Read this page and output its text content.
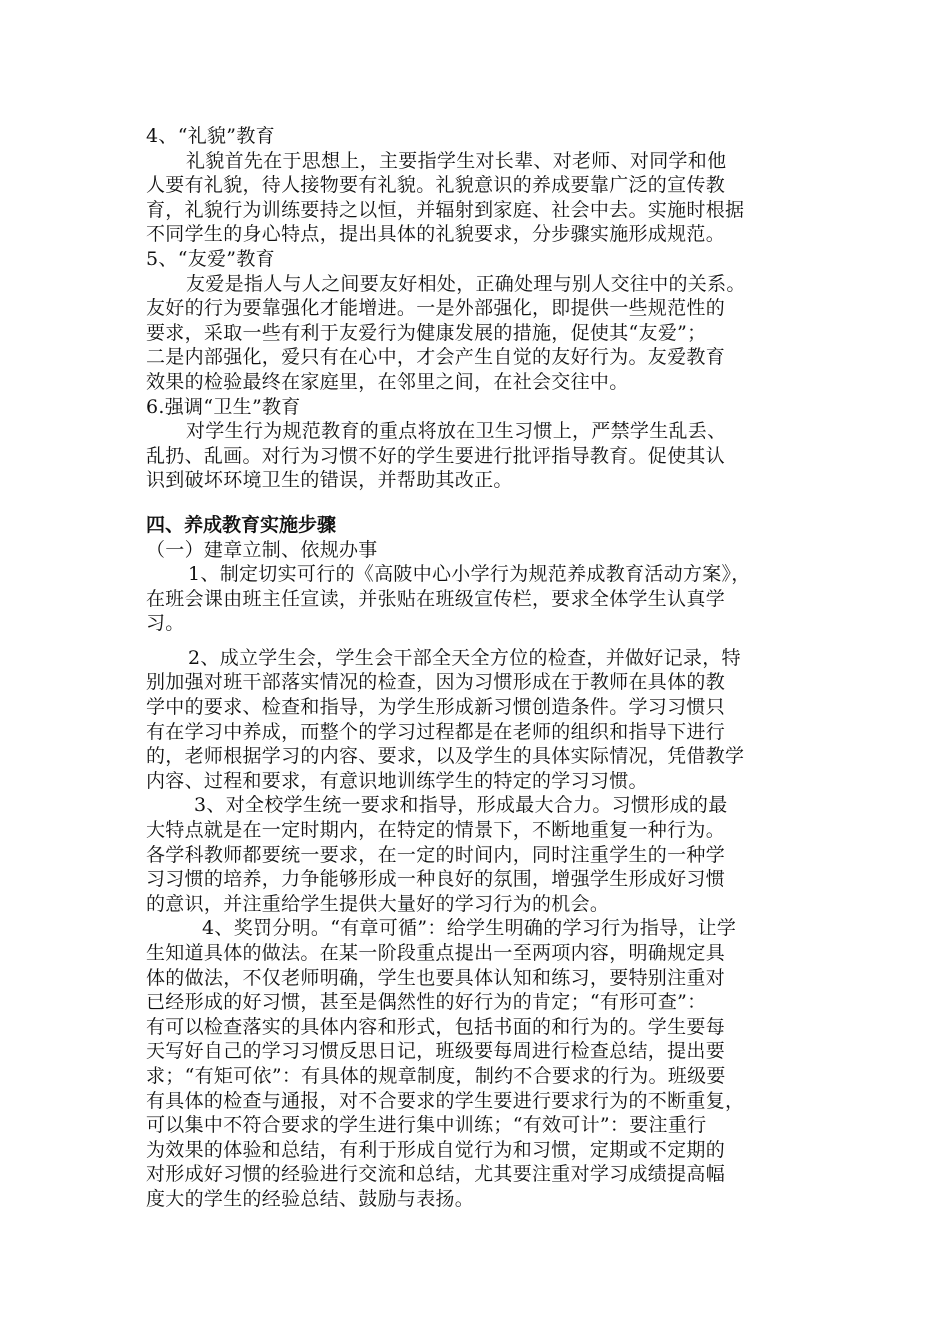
4、“礼貌”教育
礼貌首先在于思想上，主要指学生对长辈、对老师、对同学和他
人要有礼貌，待人接物要有礼貌。礼貌意识的养成要靠广泛的宣传教
育，礼貌行为训练要持之以恒，并辐射到家庭、社会中去。实施时根据
不同学生的身心特点，提出具体的礼貌要求，分步骤实施形成规范。
5、“友爱”教育
友爱是指人与人之间要友好相处，正确处理与别人交往中的关系。
友好的行为要靠强化才能增进。一是外部强化，即提供一些规范性的
要求，采取一些有利于友爱行为健康发展的措施，促使其“友爱”；
二是内部强化，爱只有在心中，才会产生自觉的友好行为。友爱教育
效果的检验最终在家庭里，在邻里之间，在社会交往中。
6.强调“卫生”教育
对学生行为规范教育的重点将放在卫生习惯上，严禁学生乱丢、
乱扔、乱画。对行为习惯不好的学生要进行批评指导教育。促使其认
识到破坏环境卫生的错误，并帮助其改正。
四、养成教育实施步骤
（一）建章立制、依规办事
1、制定切实可行的《高陂中心小学行为规范养成教育活动方案》，
在班会课由班主任宣读，并张贴在班级宣传栏，要求全体学生认真学
习。
2、成立学生会，学生会干部全天全方位的检查，并做好记录，特
别加强对班干部落实情况的检查，因为习惯形成在于教师在具体的教
学中的要求、检查和指导，为学生形成新习惯创造条件。学习习惯只
有在学习中养成，而整个的学习过程都是在老师的组织和指导下进行
的，老师根据学习的内容、要求，以及学生的具体实际情况，凭借教学
内容、过程和要求，有意识地训练学生的特定的学习习惯。
3、对全校学生统一要求和指导，形成最大合力。习惯形成的最
大特点就是在一定时期内，在特定的情景下，不断地重复一种行为。
各学科教师都要统一要求，在一定的时间内，同时注重学生的一种学
习习惯的培养，力争能够形成一种良好的氛围，增强学生形成好习惯
的意识，并注重给学生提供大量好的学习行为的机会。
4、奖罚分明。“有章可循”：给学生明确的学习行为指导，让学
生知道具体的做法。在某一阶段重点提出一至两项内容，明确规定具
体的做法，不仅老师明确，学生也要具体认知和练习，要特别注重对
已经形成的好习惯，甚至是偶然性的好行为的肯定；“有形可查”：
有可以检查落实的具体内容和形式，包括书面的和行为的。学生要每
天写好自己的学习习惯反思日记，班级要每周进行检查总结，提出要
求；“有矩可依”：有具体的规章制度，制约不合要求的行为。班级要
有具体的检查与通报，对不合要求的学生要进行要求行为的不断重复，
可以集中不符合要求的学生进行集中训练；“有效可计”：要注重行
为效果的体验和总结，有利于形成自觉行为和习惯，定期或不定期的
对形成好习惯的经验进行交流和总结，尤其要注重对学习成绩提高幅
度大的学生的经验总结、鼓励与表扬。
